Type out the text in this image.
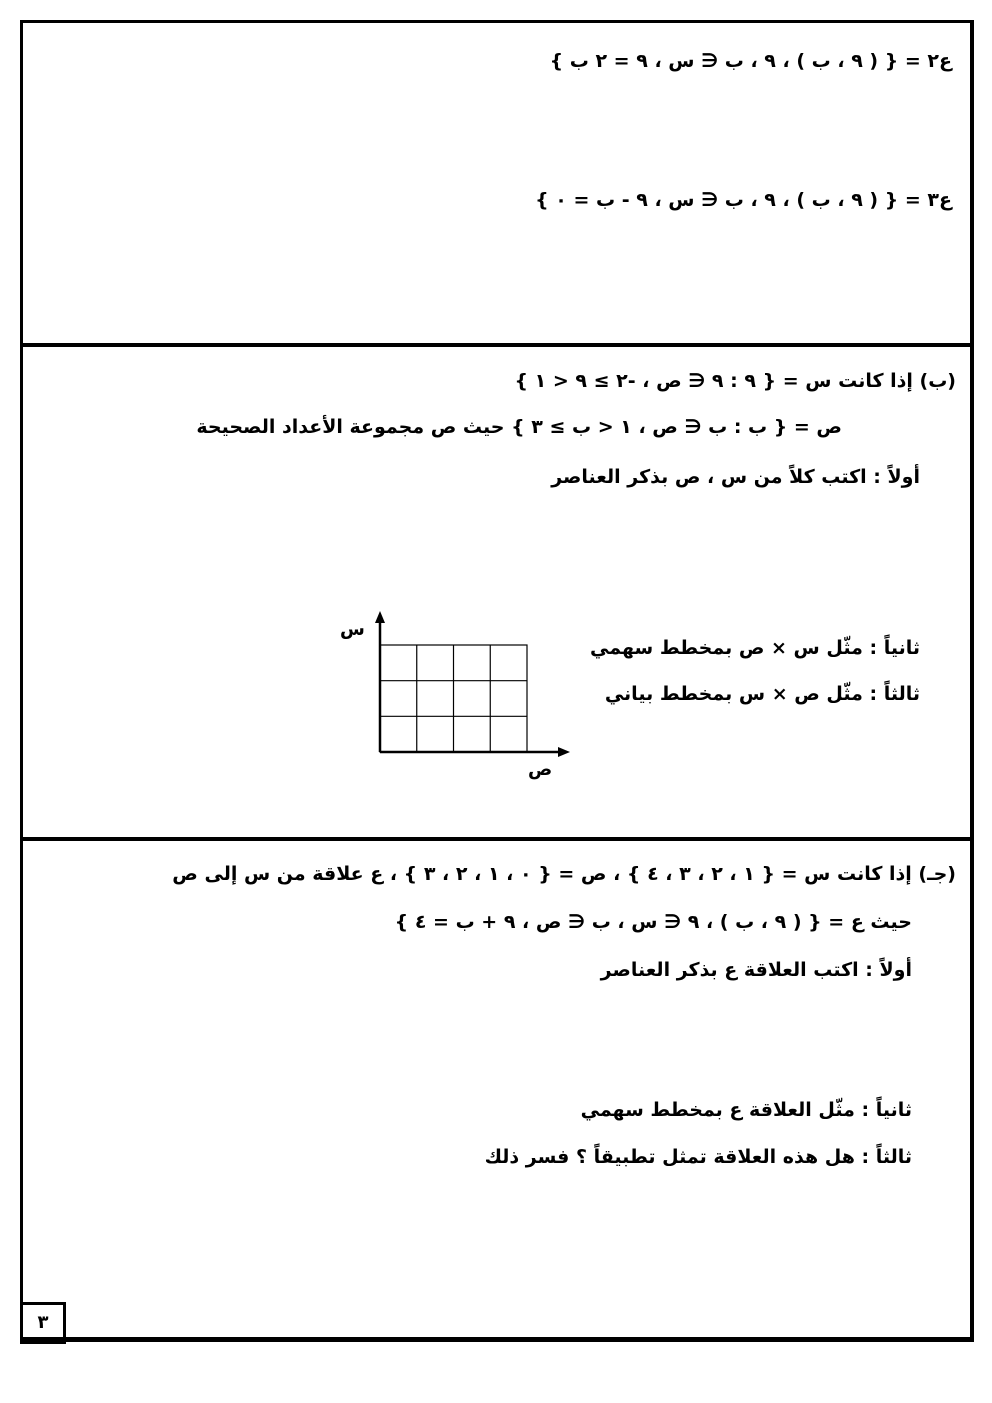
ع٢ = { ( ٩ ، ب ) ، ٩ ، ب ∈ س ، ٩ = ٢ ب }
ع٣ = { ( ٩ ، ب ) ، ٩ ، ب ∈ س ، ٩ - ب = ٠ }
(ب) إذا كانت س = { ٩ : ٩ ∈ ص ، -٢ ≥ ٩ < ١ }
ص = { ب : ب ∈ ص ، ١ < ب ≥ ٣ } حيث ص مجموعة الأعداد الصحيحة
أولاً : اكتب كلاً من س ، ص بذكر العناصر
ثانياً : مثّل س × ص بمخطط سهمي
ثالثاً : مثّل ص × س بمخطط بياني
س
ص
(جـ) إذا كانت س = { ١ ، ٢ ، ٣ ، ٤ } ، ص = { ٠ ، ١ ، ٢ ، ٣ } ، ع علاقة من س إلى ص
حيث ع = { ( ٩ ، ب ) ، ٩ ∈ س ، ب ∈ ص ، ٩ + ب = ٤ }
أولاً : اكتب العلاقة ع بذكر العناصر
ثانياً : مثّل العلاقة ع بمخطط سهمي
ثالثاً : هل هذه العلاقة تمثل تطبيقاً ؟ فسر ذلك
٣
